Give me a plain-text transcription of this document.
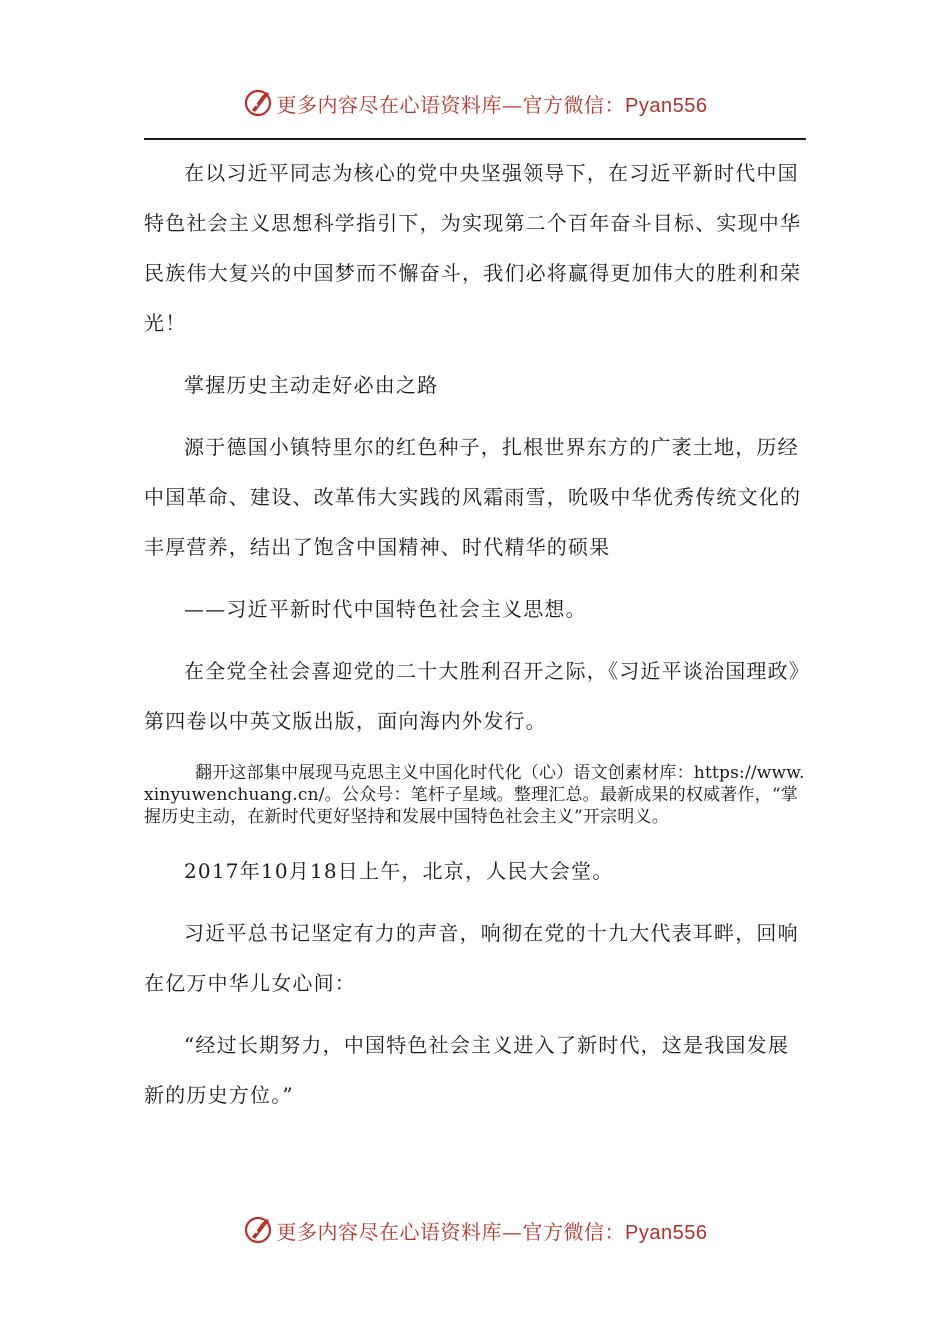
更多内容尽在心语资料库—官方微信：Pyan556

在以习近平同志为核心的党中央坚强领导下，在习近平新时代中国特色社会主义思想科学指引下，为实现第二个百年奋斗目标、实现中华民族伟大复兴的中国梦而不懈奋斗，我们必将赢得更加伟大的胜利和荣光！

掌握历史主动走好必由之路

源于德国小镇特里尔的红色种子，扎根世界东方的广袤土地，历经中国革命、建设、改革伟大实践的风霜雨雪，吮吸中华优秀传统文化的丰厚营养，结出了饱含中国精神、时代精华的硕果

——习近平新时代中国特色社会主义思想。

在全党全社会喜迎党的二十大胜利召开之际，《习近平谈治国理政》第四卷以中英文版出版，面向海内外发行。

翻开这部集中展现马克思主义中国化时代化（心）语文创素材库：https://www.xinyuwenchuang.cn/。公众号：笔杆子星域。整理汇总。最新成果的权威著作，“掌握历史主动，在新时代更好坚持和发展中国特色社会主义”开宗明义。

2017年10月18日上午，北京，人民大会堂。

习近平总书记坚定有力的声音，响彻在党的十九大代表耳畔，回响在亿万中华儿女心间：

“经过长期努力，中国特色社会主义进入了新时代，这是我国发展新的历史方位。”

更多内容尽在心语资料库—官方微信：Pyan556
